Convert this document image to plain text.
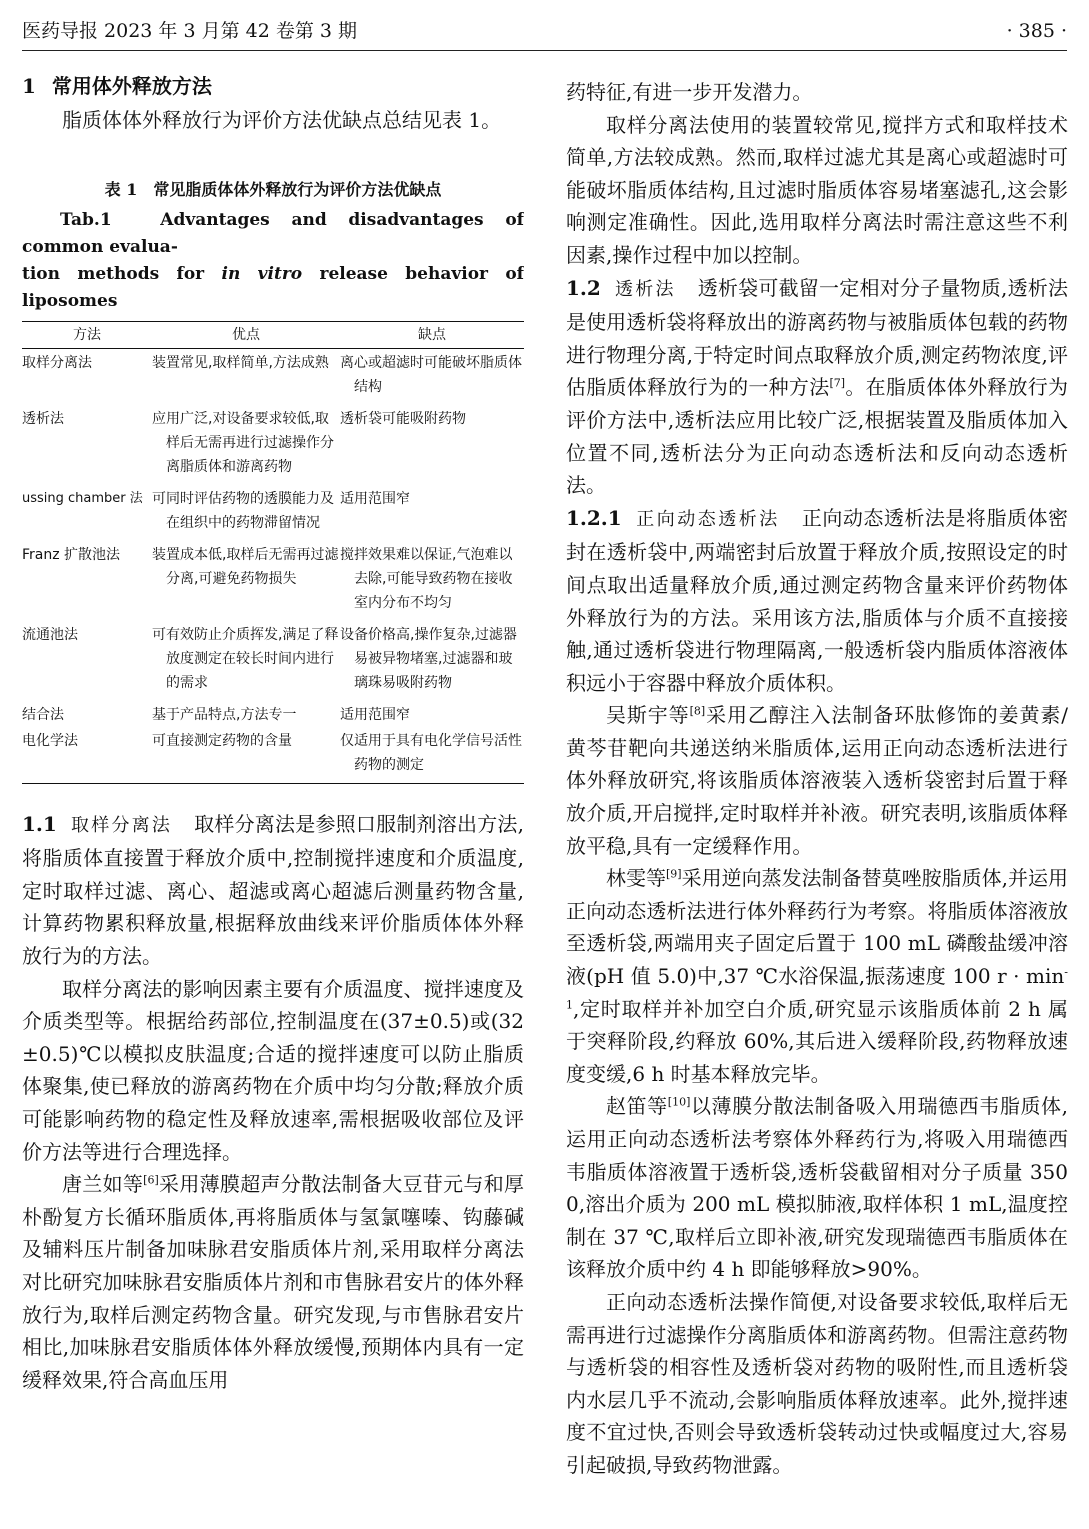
医药导报 2023 年 3 月第 42 卷第 3 期	· 385 ·
1 常用体外释放方法

脂质体体外释放行为评价方法优缺点总结见表 1。

表 1　常见脂质体体外释放行为评价方法优缺点

Tab.1　Advantages and disadvantages of common evalua-
tion methods for in vitro release behavior of liposomes

方法	优点	缺点
取样分离法	装置常见,取样简单,方法成熟	离心或超滤时可能破坏脂质体结构

透析法	应用广泛,对设备要求较低,取样后无需再进行过滤操作分离脂质体和游离药物	透析袋可能吸附药物

ussing chamber 法	可同时评估药物的透膜能力及在组织中的药物滞留情况	适用范围窄

Franz 扩散池法	装置成本低,取样后无需再过滤分离,可避免药物损失	搅拌效果难以保证,气泡难以去除,可能导致药物在接收室内分布不均匀

流通池法	可有效防止介质挥发,满足了释放度测定在较长时间内进行的需求	设备价格高,操作复杂,过滤器易被异物堵塞,过滤器和玻璃珠易吸附药物

结合法	基于产品特点,方法专一	适用范围窄

电化学法	可直接测定药物的含量	仅适用于具有电化学信号活性药物的测定

1.1 取样分离法 取样分离法是参照口服制剂溶出方法,将脂质体直接置于释放介质中,控制搅拌速度和介质温度,定时取样过滤、离心、超滤或离心超滤后测量药物含量,计算药物累积释放量,根据释放曲线来评价脂质体体外释放行为的方法。

取样分离法的影响因素主要有介质温度、搅拌速度及介质类型等。根据给药部位,控制温度在(37±0.5)或(32±0.5)℃以模拟皮肤温度;合适的搅拌速度可以防止脂质体聚集,使已释放的游离药物在介质中均匀分散;释放介质可能影响药物的稳定性及释放速率,需根据吸收部位及评价方法等进行合理选择。

唐兰如等[6]采用薄膜超声分散法制备大豆苷元与和厚朴酚复方长循环脂质体,再将脂质体与氢氯噻嗪、钩藤碱及辅料压片制备加味脉君安脂质体片剂,采用取样分离法对比研究加味脉君安脂质体片剂和市售脉君安片的体外释放行为,取样后测定药物含量。研究发现,与市售脉君安片相比,加味脉君安脂质体体外释放缓慢,预期体内具有一定缓释效果,符合高血压用

药特征,有进一步开发潜力。

取样分离法使用的装置较常见,搅拌方式和取样技术简单,方法较成熟。然而,取样过滤尤其是离心或超滤时可能破坏脂质体结构,且过滤时脂质体容易堵塞滤孔,这会影响测定准确性。因此,选用取样分离法时需注意这些不利因素,操作过程中加以控制。

1.2 透析法 透析袋可截留一定相对分子量物质,透析法是使用透析袋将释放出的游离药物与被脂质体包载的药物进行物理分离,于特定时间点取释放介质,测定药物浓度,评估脂质体释放行为的一种方法[7]。在脂质体体外释放行为评价方法中,透析法应用比较广泛,根据装置及脂质体加入位置不同,透析法分为正向动态透析法和反向动态透析法。

1.2.1 正向动态透析法 正向动态透析法是将脂质体密封在透析袋中,两端密封后放置于释放介质,按照设定的时间点取出适量释放介质,通过测定药物含量来评价药物体外释放行为的方法。采用该方法,脂质体与介质不直接接触,通过透析袋进行物理隔离,一般透析袋内脂质体溶液体积远小于容器中释放介质体积。

吴斯宇等[8]采用乙醇注入法制备环肽修饰的姜黄素/黄芩苷靶向共递送纳米脂质体,运用正向动态透析法进行体外释放研究,将该脂质体溶液装入透析袋密封后置于释放介质,开启搅拌,定时取样并补液。研究表明,该脂质体释放平稳,具有一定缓释作用。

林雯等[9]采用逆向蒸发法制备替莫唑胺脂质体,并运用正向动态透析法进行体外释药行为考察。将脂质体溶液放至透析袋,两端用夹子固定后置于 100 mL 磷酸盐缓冲溶液(pH 值 5.0)中,37 ℃水浴保温,振荡速度 100 $r \cdot \min^{-1}$,定时取样并补加空白介质,研究显示该脂质体前 2 h 属于突释阶段,约释放 60%,其后进入缓释阶段,药物释放速度变缓,6 h 时基本释放完毕。

赵笛等[10]以薄膜分散法制备吸入用瑞德西韦脂质体,运用正向动态透析法考察体外释药行为,将吸入用瑞德西韦脂质体溶液置于透析袋,透析袋截留相对分子质量 3500,溶出介质为 200 mL 模拟肺液,取样体积 1 mL,温度控制在 37 ℃,取样后立即补液,研究发现瑞德西韦脂质体在该释放介质中约 4 h 即能够释放>90%。

正向动态透析法操作简便,对设备要求较低,取样后无需再进行过滤操作分离脂质体和游离药物。但需注意药物与透析袋的相容性及透析袋对药物的吸附性,而且透析袋内水层几乎不流动,会影响脂质体释放速率。此外,搅拌速度不宜过快,否则会导致透析袋转动过快或幅度过大,容易引起破损,导致药物泄露。
